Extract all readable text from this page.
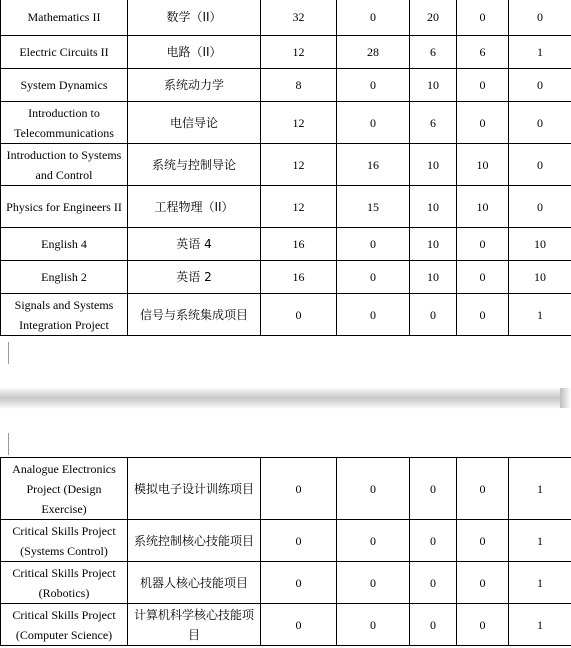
Mathematics II	数学（II）	32	0	20	0	0
Electric Circuits II	电路（II）	12	28	6	6	1
System Dynamics	系统动力学	8	0	10	0	0
Introduction to Telecommunications	电信导论	12	0	6	0	0
Introduction to Systems and Control	系统与控制导论	12	16	10	10	0
Physics for Engineers II	工程物理（II）	12	15	10	10	0
English 4	英语 4	16	0	10	0	10
English 2	英语 2	16	0	10	0	10
Signals and Systems Integration Project	信号与系统集成项目	0	0	0	0	1
Analogue Electronics Project (Design Exercise)	模拟电子设计训练项目	0	0	0	0	1
Critical Skills Project (Systems Control)	系统控制核心技能项目	0	0	0	0	1
Critical Skills Project (Robotics)	机器人核心技能项目	0	0	0	0	1
Critical Skills Project (Computer Science)	计算机科学核心技能项目	0	0	0	0	1
